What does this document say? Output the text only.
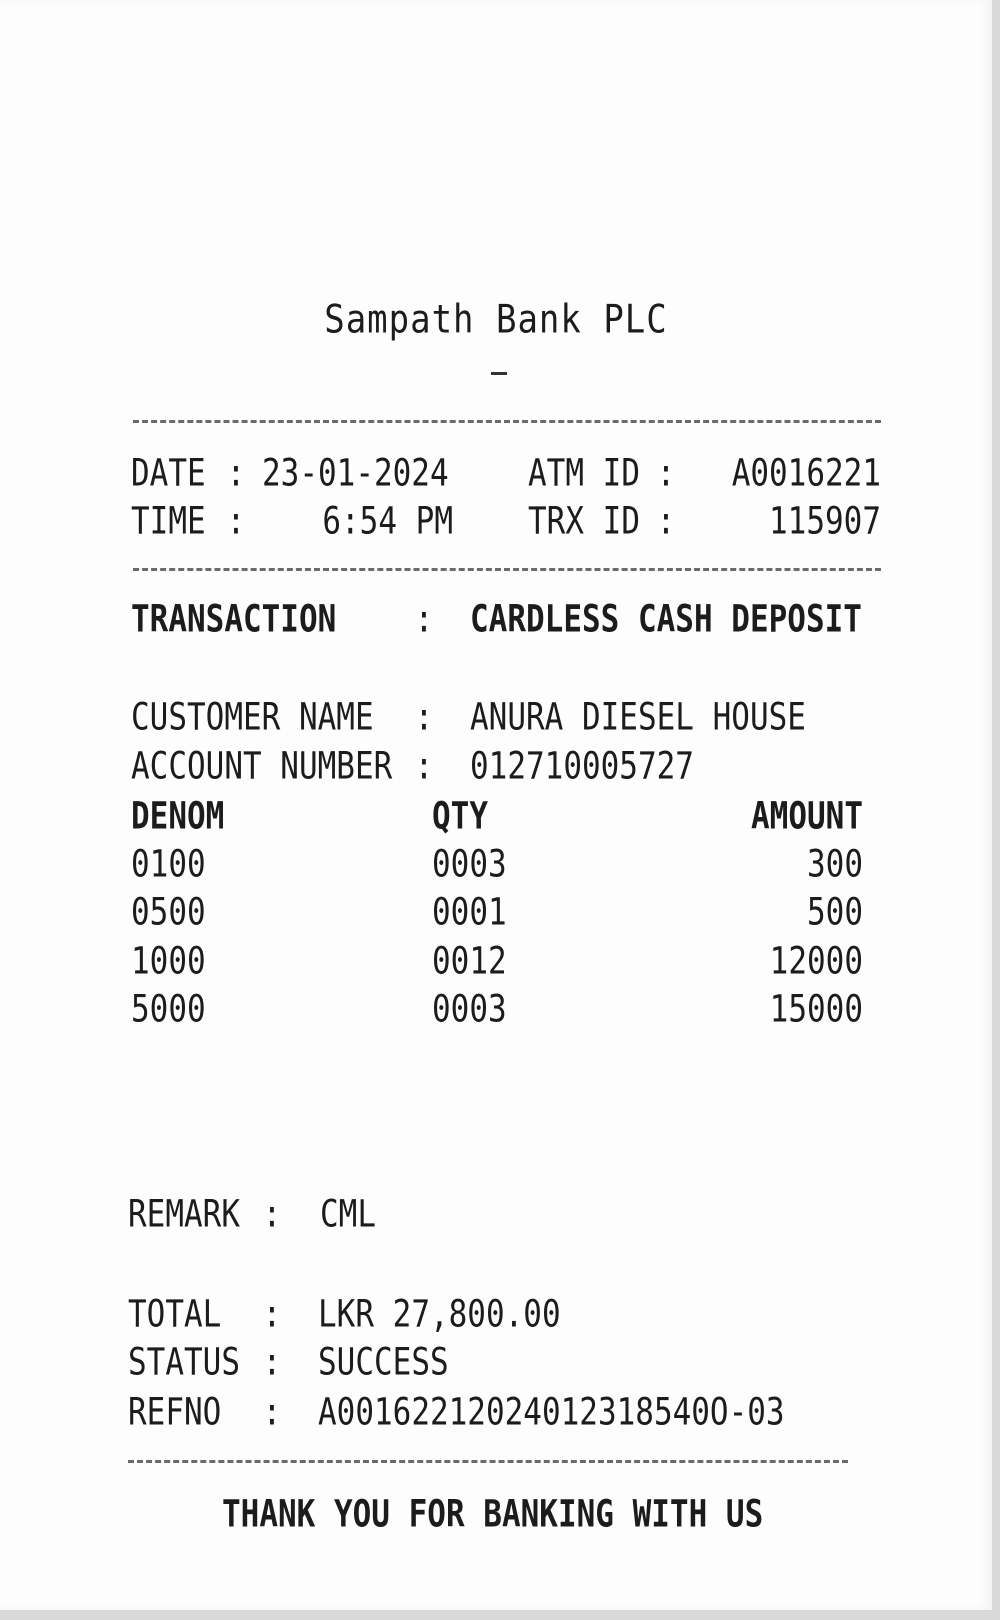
Sampath Bank PLC
DATE : 23-01-2024	ATM ID :	A0016221
TIME :	6:54 PM TRX ID :	115907
TRANSACTION	: CARDLESS CASH DEPOSIT
CUSTOMER NAME : ANURA DIESEL HOUSE
ACCOUNT NUMBER : 012710005727
DENOM	QTY	AMOUNT
0100	0003	300
0500	0001	500
1000	0012	12000
5000	0003	15000
REMARK : CML
TOTAL : LKR 27,800.00
STATUS : SUCCESS
REFNO : A00162212024012318540O-03
THANK YOU FOR BANKING WITH US
